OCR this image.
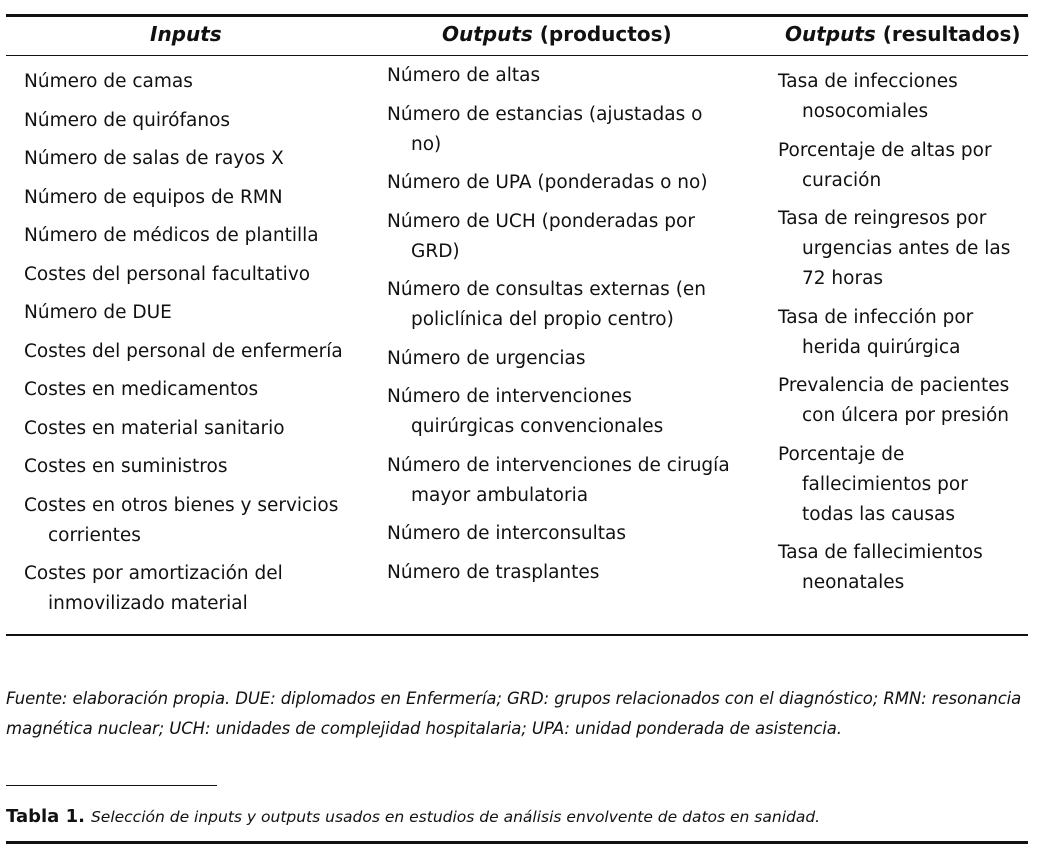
Inputs	Outputs (productos)	Outputs (resultados)
Número de camas
Número de quirófanos
Número de salas de rayos X
Número de equipos de RMN
Número de médicos de plantilla
Costes del personal facultativo
Número de DUE
Costes del personal de enfermería
Costes en medicamentos
Costes en material sanitario
Costes en suministros
Costes en otros bienes y servicios corrientes
Costes por amortización del inmovilizado material
Número de altas
Número de estancias (ajustadas o no)
Número de UPA (ponderadas o no)
Número de UCH (ponderadas por GRD)
Número de consultas externas (en policlínica del propio centro)
Número de urgencias
Número de intervenciones quirúrgicas convencionales
Número de intervenciones de cirugía mayor ambulatoria
Número de interconsultas
Número de trasplantes
Tasa de infecciones nosocomiales
Porcentaje de altas por curación
Tasa de reingresos por urgencias antes de las 72 horas
Tasa de infección por herida quirúrgica
Prevalencia de pacientes con úlcera por presión
Porcentaje de fallecimientos por todas las causas
Tasa de fallecimientos neonatales
Fuente: elaboración propia. DUE: diplomados en Enfermería; GRD: grupos relacionados con el diagnóstico; RMN: resonancia magnética nuclear; UCH: unidades de complejidad hospitalaria; UPA: unidad ponderada de asistencia.
Tabla 1. Selección de inputs y outputs usados en estudios de análisis envolvente de datos en sanidad.
